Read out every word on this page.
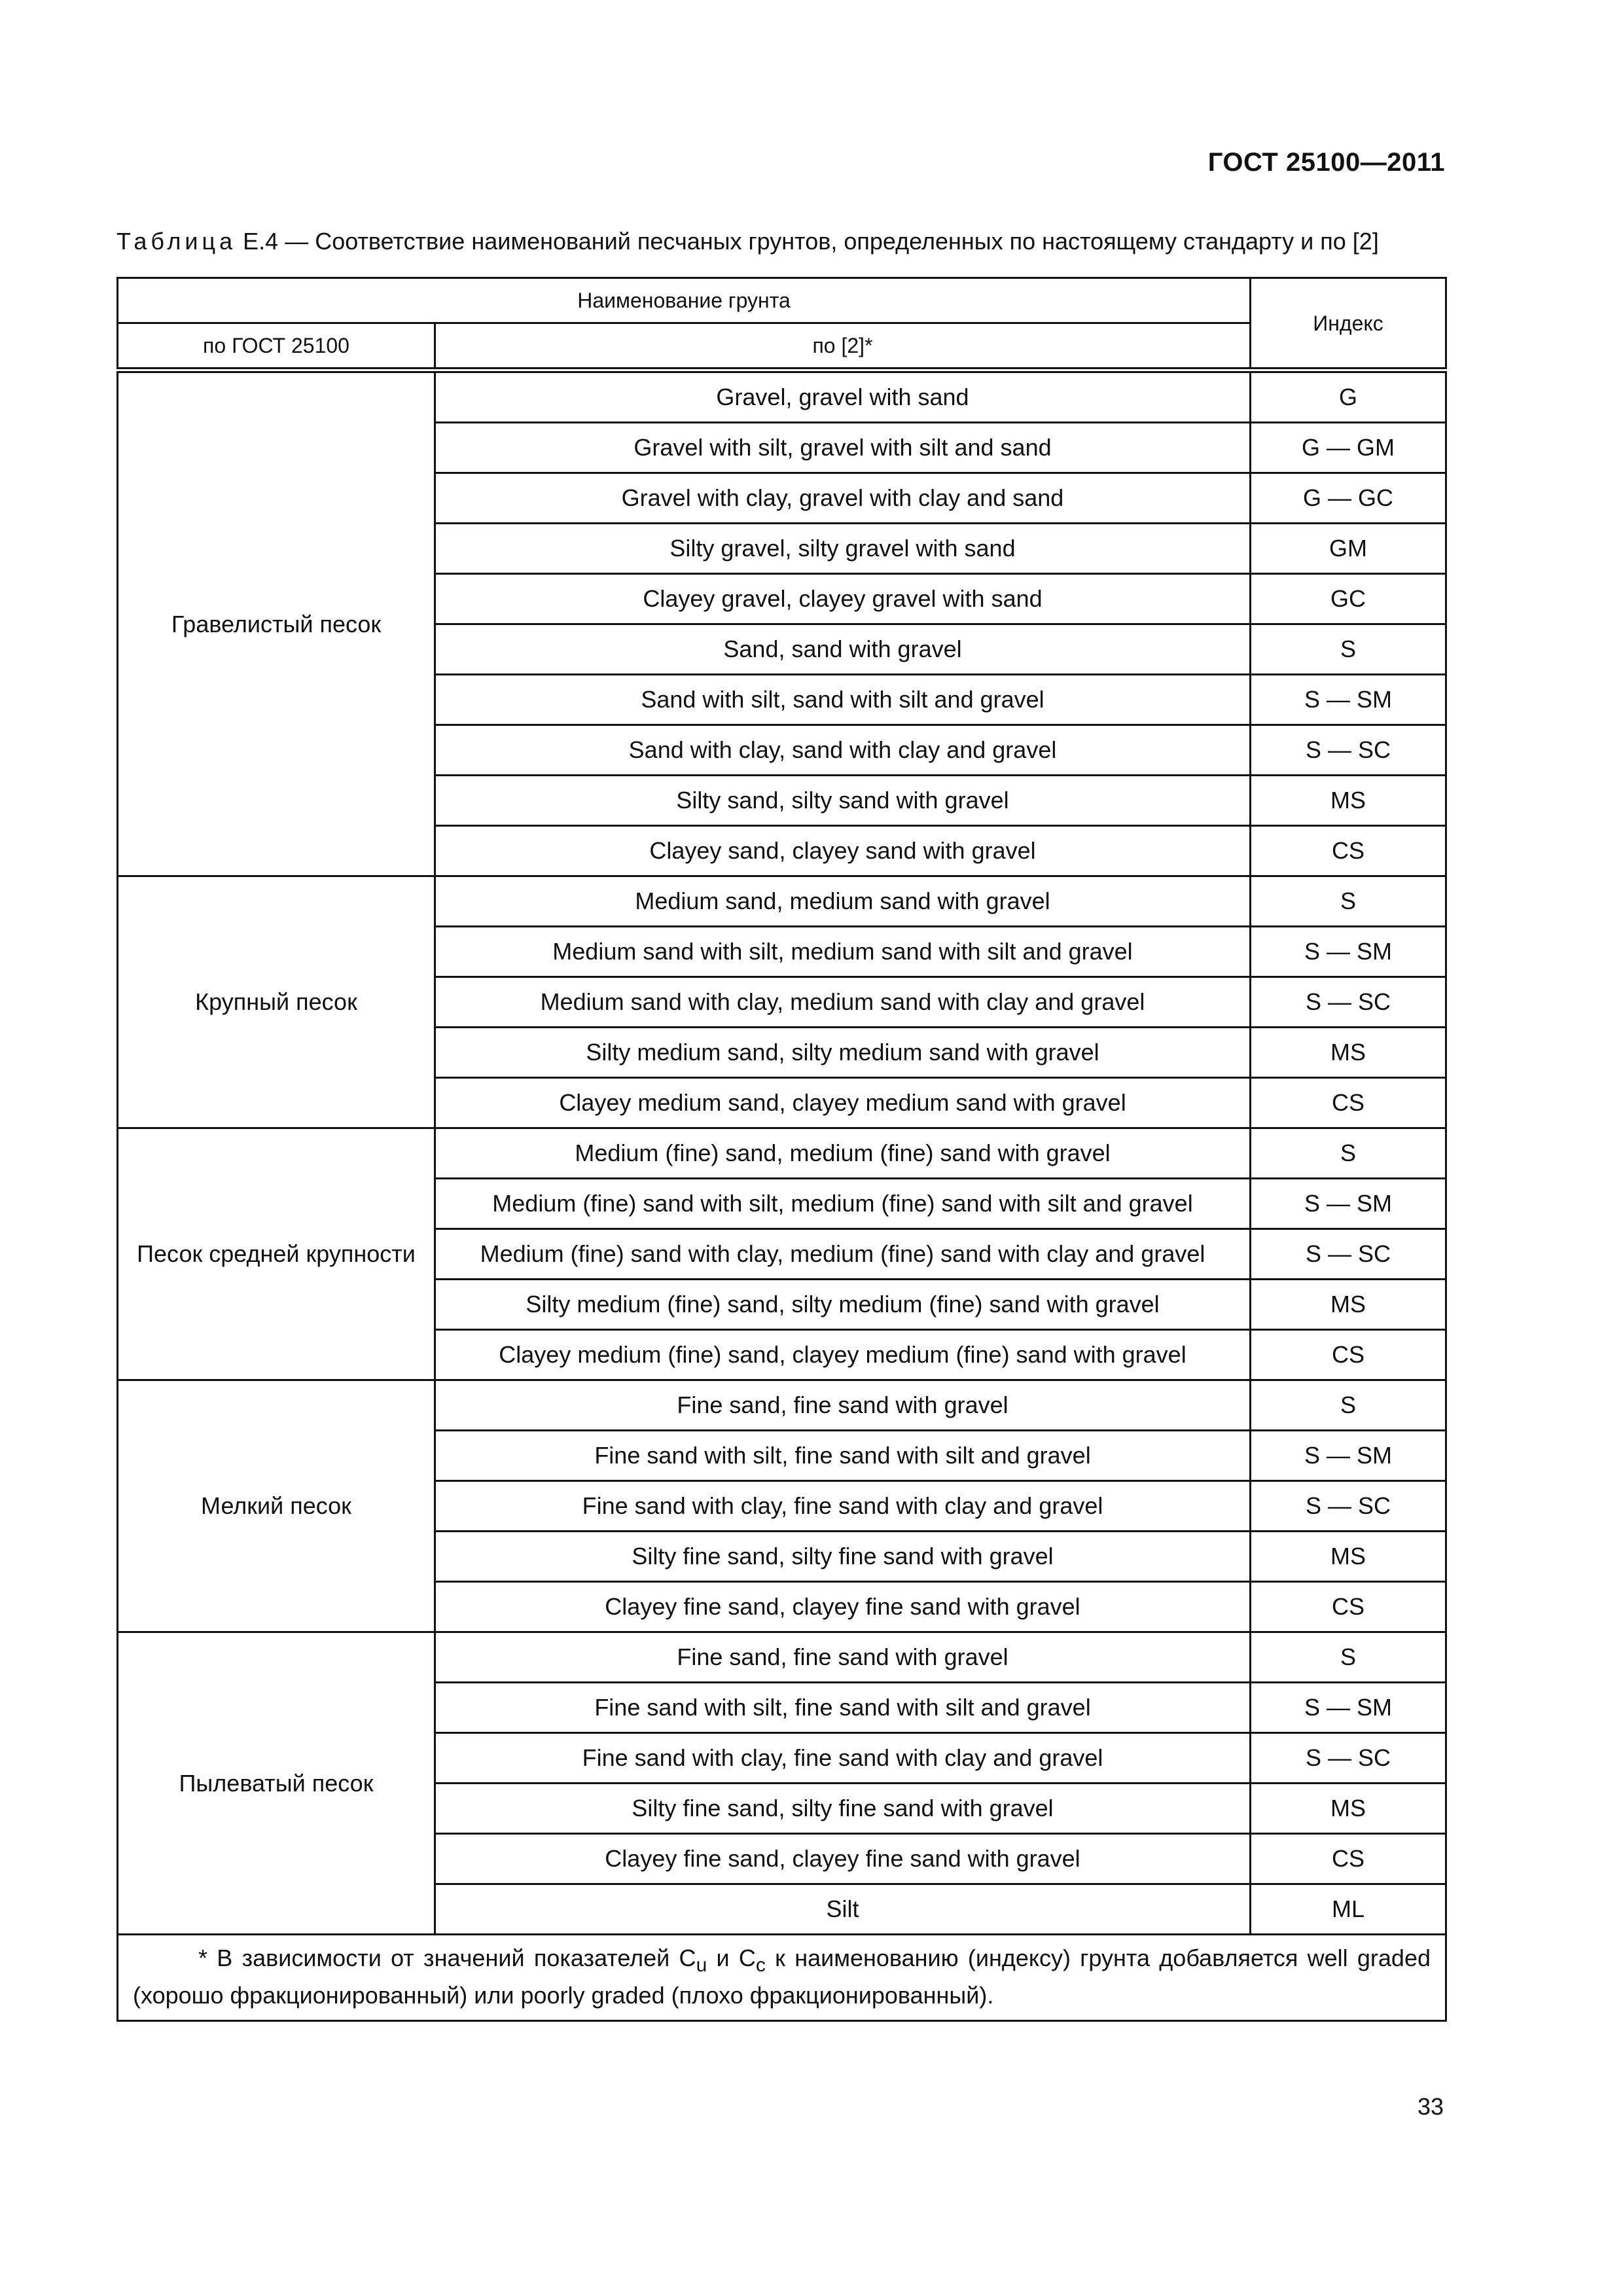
ГОСТ 25100—2011
Таблица Е.4 — Соответствие наименований песчаных грунтов, определенных по настоящему стандарту и по [2]
Наименование грунта		Индекс
по ГОСТ 25100	по [2]*	
Гравелистый песок	Gravel, gravel with sand	G
	Gravel with silt, gravel with silt and sand	G — GM
	Gravel with clay, gravel with clay and sand	G — GC
	Silty gravel, silty gravel with sand	GM
	Clayey gravel, clayey gravel with sand	GC
	Sand, sand with gravel	S
	Sand with silt, sand with silt and gravel	S — SM
	Sand with clay, sand with clay and gravel	S — SC
	Silty sand, silty sand with gravel	MS
	Clayey sand, clayey sand with gravel	CS
Крупный песок	Medium sand, medium sand with gravel	S
	Medium sand with silt, medium sand with silt and gravel	S — SM
	Medium sand with clay, medium sand with clay and gravel	S — SC
	Silty medium sand, silty medium sand with gravel	MS
	Clayey medium sand, clayey medium sand with gravel	CS
Песок средней крупности	Medium (fine) sand, medium (fine) sand with gravel	S
	Medium (fine) sand with silt, medium (fine) sand with silt and gravel	S — SM
	Medium (fine) sand with clay, medium (fine) sand with clay and gravel	S — SC
	Silty medium (fine) sand, silty medium (fine) sand with gravel	MS
	Clayey medium (fine) sand, clayey medium (fine) sand with gravel	CS
Мелкий песок	Fine sand, fine sand with gravel	S
	Fine sand with silt, fine sand with silt and gravel	S — SM
	Fine sand with clay, fine sand with clay and gravel	S — SC
	Silty fine sand, silty fine sand with gravel	MS
	Clayey fine sand, clayey fine sand with gravel	CS
Пылеватый песок	Fine sand, fine sand with gravel	S
	Fine sand with silt, fine sand with silt and gravel	S — SM
	Fine sand with clay, fine sand with clay and gravel	S — SC
	Silty fine sand, silty fine sand with gravel	MS
	Clayey fine sand, clayey fine sand with gravel	CS
	Silt	ML
* В зависимости от значений показателей $C_u$ и $C_c$ к наименованию (индексу) грунта добавляется well graded (хорошо фракционированный) или poorly graded (плохо фракционированный).		
33
